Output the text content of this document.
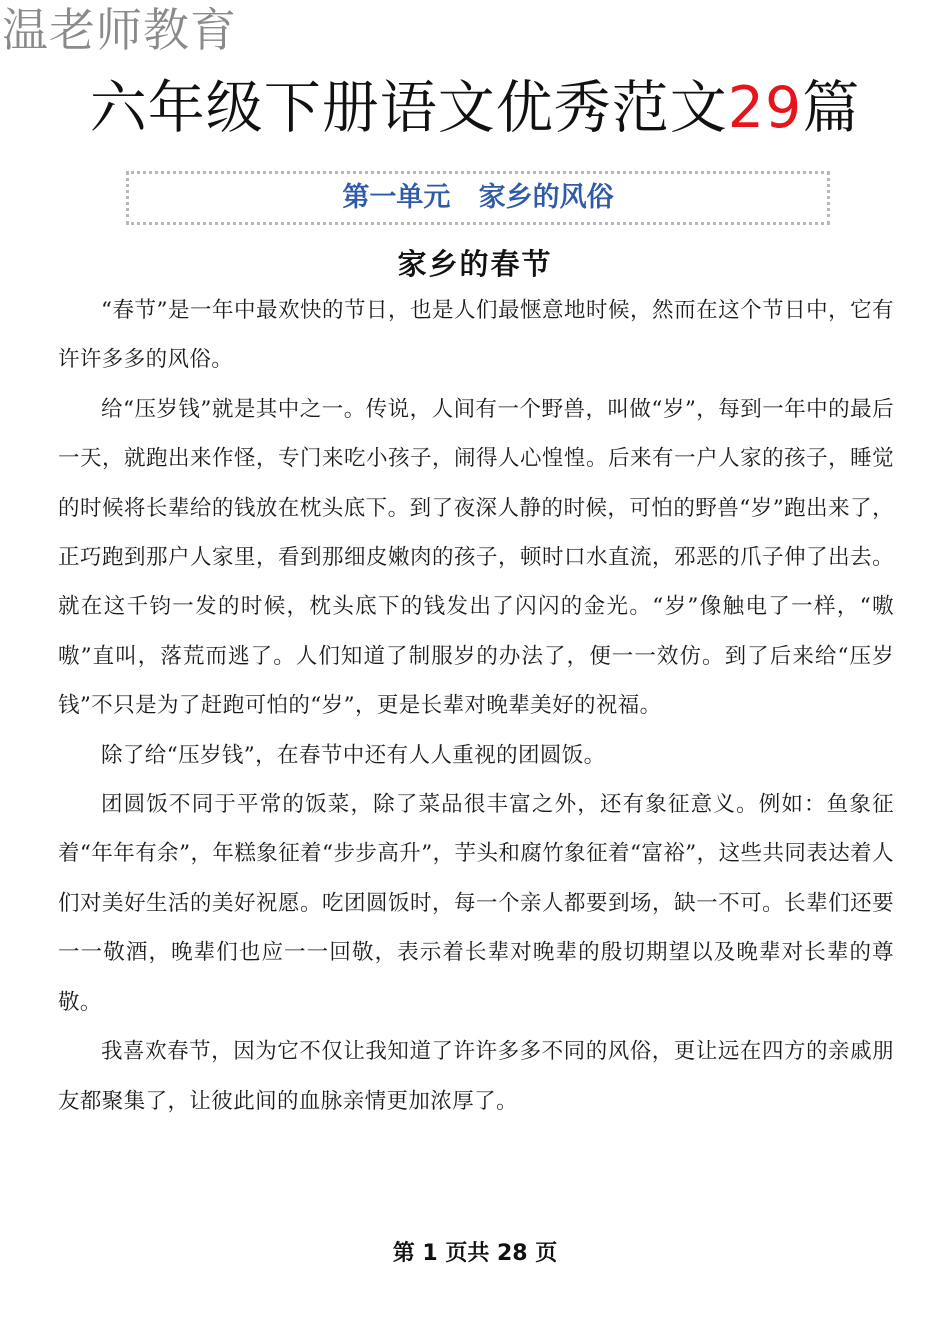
温老师教育
六年级下册语文优秀范文29篇
第一单元   家乡的风俗
家乡的春节

“春节”是一年中最欢快的节日，也是人们最惬意地时候，然而在这个节日中，它有许许多多的风俗。

给“压岁钱”就是其中之一。传说，人间有一个野兽，叫做“岁”，每到一年中的最后一天，就跑出来作怪，专门来吃小孩子，闹得人心惶惶。后来有一户人家的孩子，睡觉的时候将长辈给的钱放在枕头底下。到了夜深人静的时候，可怕的野兽“岁”跑出来了，正巧跑到那户人家里，看到那细皮嫩肉的孩子，顿时口水直流，邪恶的爪子伸了出去。就在这千钧一发的时候，枕头底下的钱发出了闪闪的金光。“岁”像触电了一样，“嗷嗷”直叫，落荒而逃了。人们知道了制服岁的办法了，便一一效仿。到了后来给“压岁钱”不只是为了赶跑可怕的“岁”，更是长辈对晚辈美好的祝福。

除了给“压岁钱”，在春节中还有人人重视的团圆饭。

团圆饭不同于平常的饭菜，除了菜品很丰富之外，还有象征意义。例如：鱼象征着“年年有余”，年糕象征着“步步高升”，芋头和腐竹象征着“富裕”，这些共同表达着人们对美好生活的美好祝愿。吃团圆饭时，每一个亲人都要到场，缺一不可。长辈们还要一一敬酒，晚辈们也应一一回敬，表示着长辈对晚辈的殷切期望以及晚辈对长辈的尊敬。

我喜欢春节，因为它不仅让我知道了许许多多不同的风俗，更让远在四方的亲戚朋友都聚集了，让彼此间的血脉亲情更加浓厚了。

第 1 页共 28 页
